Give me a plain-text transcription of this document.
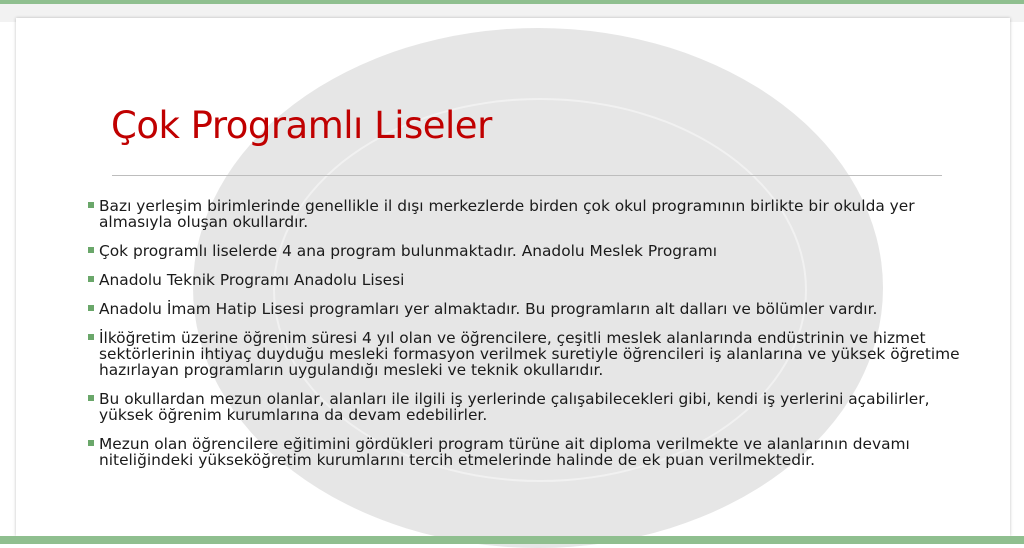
Çok Programlı Liseler
Bazı yerleşim birimlerinde genellikle il dışı merkezlerde birden çok okul programının birlikte bir okulda yer almasıyla oluşan okullardır.
Çok programlı liselerde 4 ana program bulunmaktadır. Anadolu Meslek Programı
Anadolu Teknik Programı Anadolu Lisesi
Anadolu İmam Hatip Lisesi programları yer almaktadır. Bu programların alt dalları ve bölümler vardır.
İlköğretim üzerine öğrenim süresi 4 yıl olan ve öğrencilere, çeşitli meslek alanlarında endüstrinin ve hizmet sektörlerinin ihtiyaç duyduğu mesleki formasyon verilmek suretiyle öğrencileri iş alanlarına ve yüksek öğretime hazırlayan programların uygulandığı mesleki ve teknik okullarıdır.
Bu okullardan mezun olanlar, alanları ile ilgili iş yerlerinde çalışabilecekleri gibi, kendi iş yerlerini açabilirler, yüksek öğrenim kurumlarına da devam edebilirler.
Mezun olan öğrencilere eğitimini gördükleri program türüne ait diploma verilmekte ve alanlarının devamı niteliğindeki yükseköğretim kurumlarını tercih etmelerinde halinde de ek puan verilmektedir.
